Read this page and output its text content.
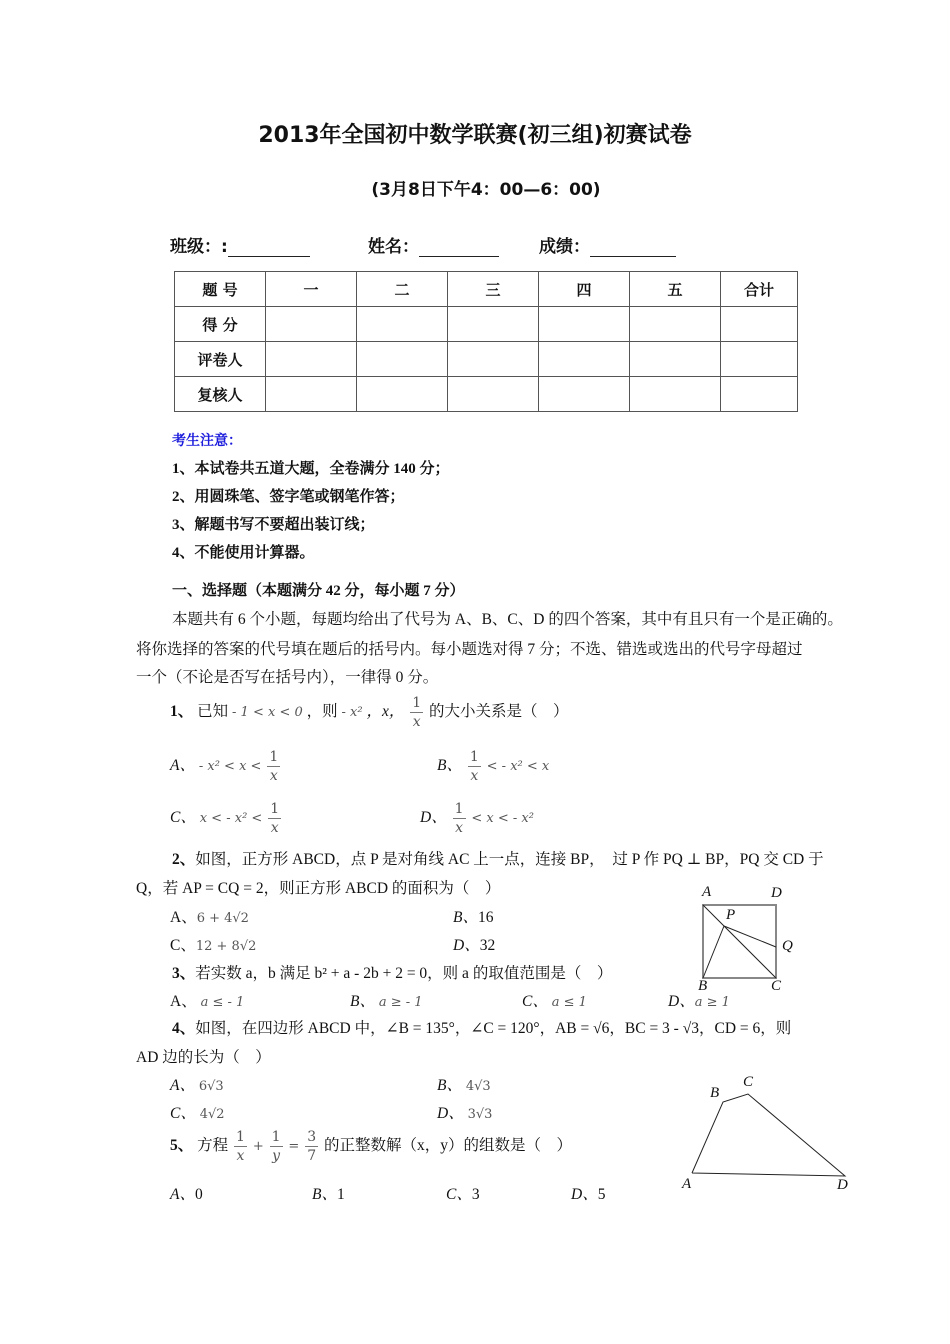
2013年全国初中数学联赛(初三组)初赛试卷
(3月8日下午4：00—6：00)
班级：:	姓名：	成绩：
题 号	一	二	三	四	五	合计
得 分						
评卷人						
复核人						
考生注意：
1、本试卷共五道大题，全卷满分 140 分；
2、用圆珠笔、签字笔或钢笔作答；
3、解题书写不要超出装订线；
4、不能使用计算器。
一、选择题（本题满分 42 分，每小题 7 分）
本题共有 6 个小题，每题均给出了代号为 A、B、C、D 的四个答案，其中有且只有一个是正确的。
将你选择的答案的代号填在题后的括号内。每小题选对得 7 分；不选、错选或选出的代号字母超过
一个（不论是否写在括号内），一律得 0 分。
1、 已知 - 1 < x < 0 ，则 - x² ，x， $\frac{1}{x}$ 的大小关系是（　）
A、 - $x^2 < x < \frac{1}{x}$	B、 $\frac{1}{x}$ < - x² < x
C、 x < - $x^2 < \frac{1}{x}$	D、 $\frac{1}{x} < x$ < - x²
2、如图，正方形 ABCD，点 P 是对角线 AC 上一点，连接 BP，　过 P 作 PQ ⊥ BP，PQ 交 CD 于
Q，若 AP = CQ = 2，则正方形 ABCD 的面积为（　）
A、6 + 4√2	B、16
C、12 + 8√2	D、32
A	D
P
Q
B	C
3、若实数 a，b 满足 b² + a - 2b + 2 = 0，则 a 的取值范围是（　）
A、 a ≤ - 1	B、 a ≥ - 1	C、 a ≤ 1	D、a ≥ 1
4、如图，在四边形 ABCD 中，∠B = 135°，∠C = 120°，AB = √6，BC = 3 - √3，CD = 6，则
AD 边的长为（　）
A、 6√3	B、 4√3
C、 4√2	D、 3√3
A
B
C
D
5、 方程 $\frac{1}{x} + \frac{1}{y} = \frac{3}{7}$ 的正整数解（x，y）的组数是（　）
A、0	B、1	C、3	D、5
